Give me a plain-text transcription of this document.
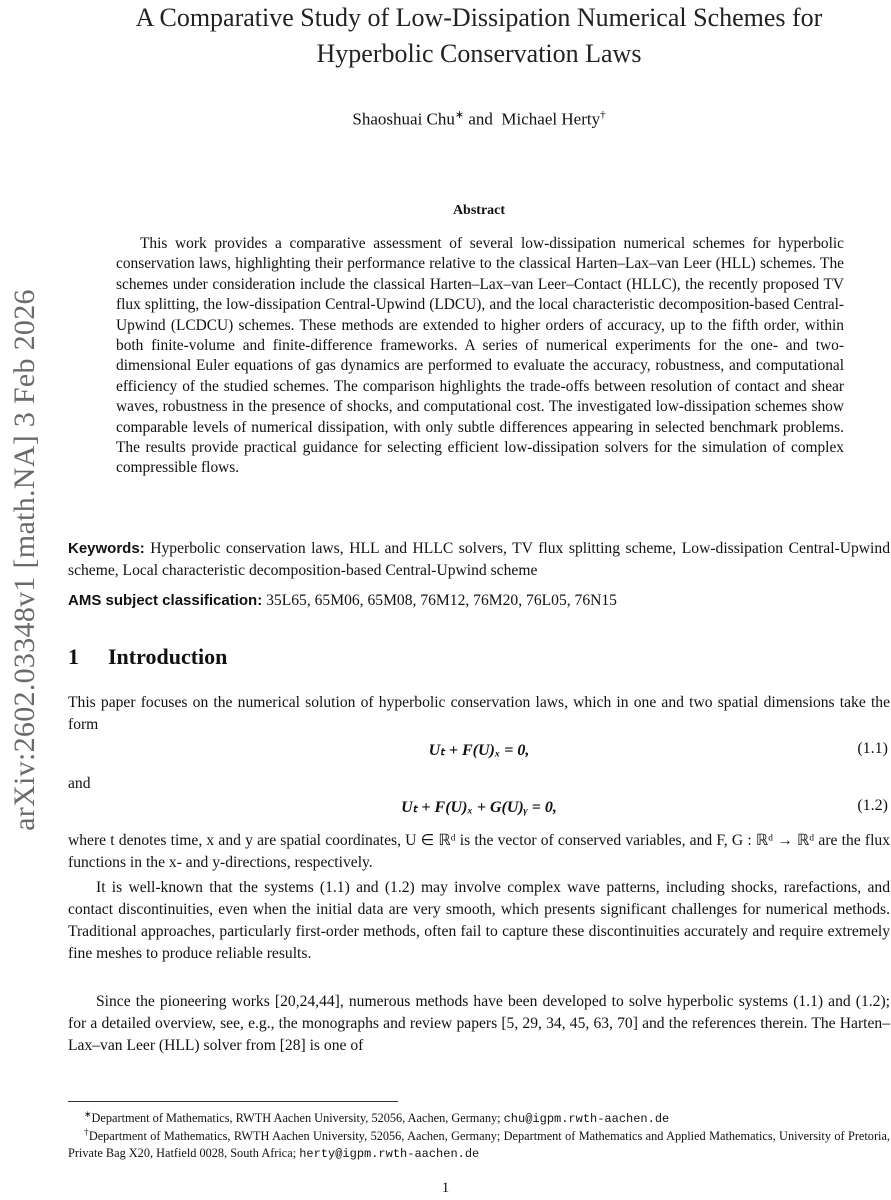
arXiv:2602.03348v1 [math.NA] 3 Feb 2026
A Comparative Study of Low-Dissipation Numerical Schemes for
Hyperbolic Conservation Laws
Shaoshuai Chu∗ and  Michael Herty†
Abstract
This work provides a comparative assessment of several low-dissipation numerical schemes for hyperbolic conservation laws, highlighting their performance relative to the classical Harten–Lax–van Leer (HLL) schemes. The schemes under consideration include the classical Harten–Lax–van Leer–Contact (HLLC), the recently proposed TV flux splitting, the low-dissipation Central-Upwind (LDCU), and the local characteristic decomposition-based Central-Upwind (LCDCU) schemes. These methods are extended to higher orders of accuracy, up to the fifth order, within both finite-volume and finite-difference frameworks. A series of numerical experiments for the one- and two-dimensional Euler equations of gas dynamics are performed to evaluate the accuracy, robustness, and computational efficiency of the studied schemes. The comparison highlights the trade-offs between resolution of contact and shear waves, robustness in the presence of shocks, and computational cost. The investigated low-dissipation schemes show comparable levels of numerical dissipation, with only subtle differences appearing in selected benchmark problems. The results provide practical guidance for selecting efficient low-dissipation solvers for the simulation of complex compressible flows.
Keywords: Hyperbolic conservation laws, HLL and HLLC solvers, TV flux splitting scheme, Low-dissipation Central-Upwind scheme, Local characteristic decomposition-based Central-Upwind scheme
AMS subject classification: 35L65, 65M06, 65M08, 76M12, 76M20, 76L05, 76N15
1 Introduction
This paper focuses on the numerical solution of hyperbolic conservation laws, which in one and two spatial dimensions take the form
Uₜ + F(U)ₓ = 0,	(1.1)
and
Uₜ + F(U)ₓ + G(U)ᵧ = 0,	(1.2)
where t denotes time, x and y are spatial coordinates, U ∈ ℝᵈ is the vector of conserved variables, and F, G : ℝᵈ → ℝᵈ are the flux functions in the x- and y-directions, respectively.
It is well-known that the systems (1.1) and (1.2) may involve complex wave patterns, including shocks, rarefactions, and contact discontinuities, even when the initial data are very smooth, which presents significant challenges for numerical methods. Traditional approaches, particularly first-order methods, often fail to capture these discontinuities accurately and require extremely fine meshes to produce reliable results.
Since the pioneering works [20,24,44], numerous methods have been developed to solve hyperbolic systems (1.1) and (1.2); for a detailed overview, see, e.g., the monographs and review papers [5, 29, 34, 45, 63, 70] and the references therein. The Harten–Lax–van Leer (HLL) solver from [28] is one of
∗Department of Mathematics, RWTH Aachen University, 52056, Aachen, Germany; chu@igpm.rwth-aachen.de
†Department of Mathematics, RWTH Aachen University, 52056, Aachen, Germany; Department of Mathematics and Applied Mathematics, University of Pretoria, Private Bag X20, Hatfield 0028, South Africa; herty@igpm.rwth-aachen.de
1
